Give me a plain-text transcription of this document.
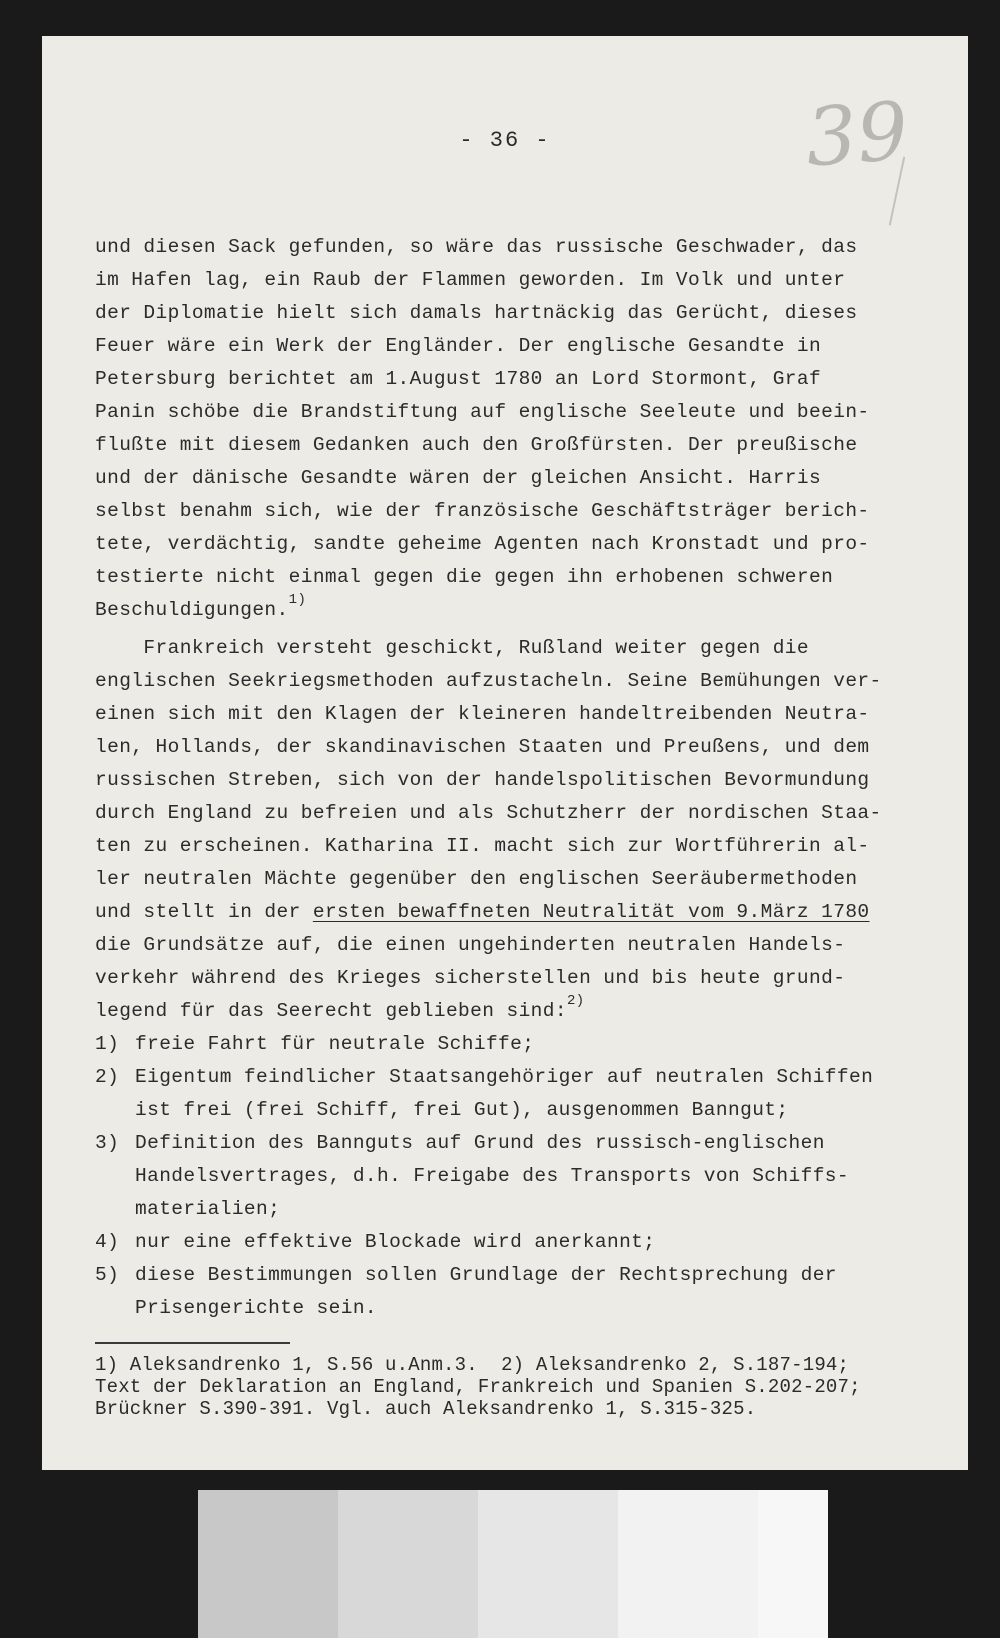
- 36 -	39
und diesen Sack gefunden, so wäre das russische Geschwader, das
im Hafen lag, ein Raub der Flammen geworden. Im Volk und unter
der Diplomatie hielt sich damals hartnäckig das Gerücht, dieses
Feuer wäre ein Werk der Engländer. Der englische Gesandte in
Petersburg berichtet am 1.August 1780 an Lord Stormont, Graf
Panin schöbe die Brandstiftung auf englische Seeleute und beein-
flußte mit diesem Gedanken auch den Großfürsten. Der preußische
und der dänische Gesandte wären der gleichen Ansicht. Harris
selbst benahm sich, wie der französische Geschäftsträger berich-
tete, verdächtig, sandte geheime Agenten nach Kronstadt und pro-
testierte nicht einmal gegen die gegen ihn erhobenen schweren
Beschuldigungen.$^{1)}$
Frankreich versteht geschickt, Rußland weiter gegen die
englischen Seekriegsmethoden aufzustacheln. Seine Bemühungen ver-
einen sich mit den Klagen der kleineren handeltreibenden Neutra-
len, Hollands, der skandinavischen Staaten und Preußens, und dem
russischen Streben, sich von der handelspolitischen Bevormundung
durch England zu befreien und als Schutzherr der nordischen Staa-
ten zu erscheinen. Katharina II. macht sich zur Wortführerin al-
ler neutralen Mächte gegenüber den englischen Seeräubermethoden
und stellt in der ersten bewaffneten Neutralität vom 9.März 1780
die Grundsätze auf, die einen ungehinderten neutralen Handels-
verkehr während des Krieges sicherstellen und bis heute grund-
legend für das Seerecht geblieben sind:$^{2)}$
1) freie Fahrt für neutrale Schiffe;
2) Eigentum feindlicher Staatsangehöriger auf neutralen Schiffen
ist frei (frei Schiff, frei Gut), ausgenommen Banngut;
3) Definition des Bannguts auf Grund des russisch-englischen
Handelsvertrages, d.h. Freigabe des Transports von Schiffs-
materialien;
4) nur eine effektive Blockade wird anerkannt;
5) diese Bestimmungen sollen Grundlage der Rechtsprechung der
Prisengerichte sein.
1) Aleksandrenko 1, S.56 u.Anm.3.  2) Aleksandrenko 2, S.187-194;
Text der Deklaration an England, Frankreich und Spanien S.202-207;
Brückner S.390-391. Vgl. auch Aleksandrenko 1, S.315-325.
